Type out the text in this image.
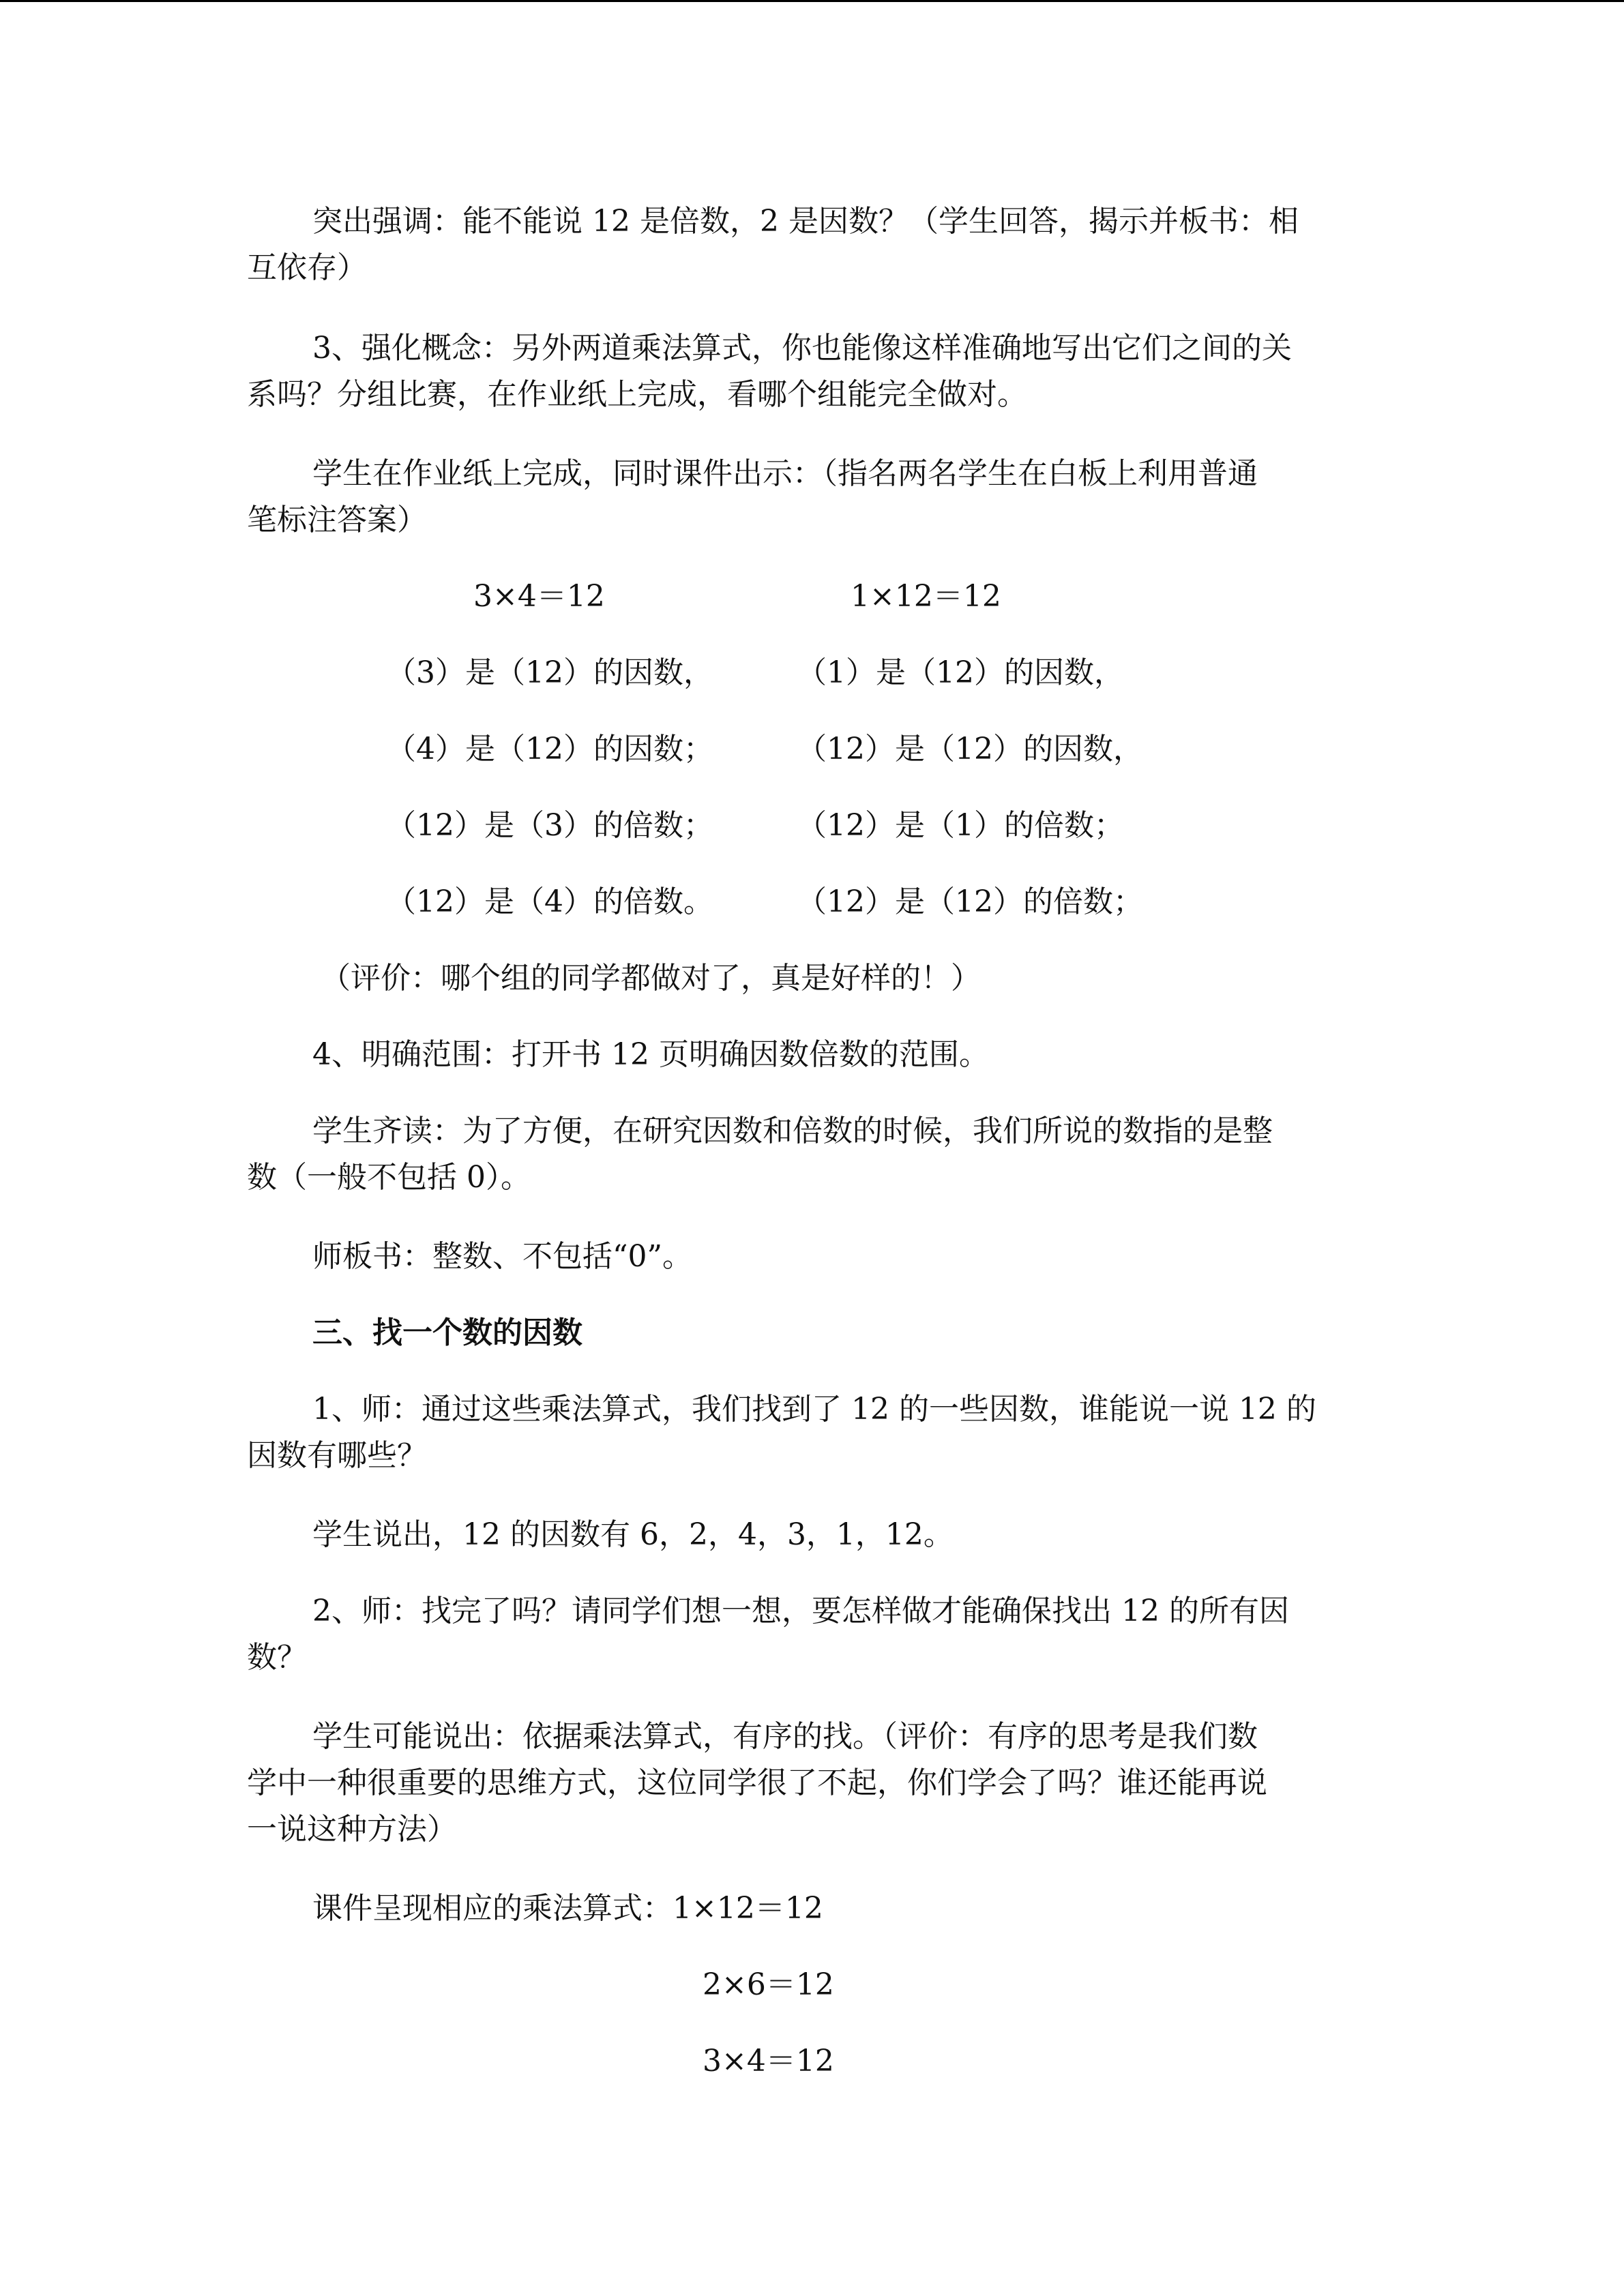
突出强调：能不能说 12 是倍数，2 是因数？（学生回答，揭示并板书：相
互依存）
3、强化概念：另外两道乘法算式，你也能像这样准确地写出它们之间的关
系吗？分组比赛，在作业纸上完成，看哪个组能完全做对。
学生在作业纸上完成，同时课件出示：（指名两名学生在白板上利用普通
笔标注答案）
3×4＝12	1×12＝12
（3）是（12）的因数，	（1）是（12）的因数，
（4）是（12）的因数；	（12）是（12）的因数，
（12）是（3）的倍数；	（12）是（1）的倍数；
（12）是（4）的倍数。	（12）是（12）的倍数；
（评价：哪个组的同学都做对了，真是好样的！）
4、明确范围：打开书 12 页明确因数倍数的范围。
学生齐读：为了方便，在研究因数和倍数的时候，我们所说的数指的是整
数（一般不包括 0）。
师板书：整数、不包括“0”。
三、找一个数的因数
1、师：通过这些乘法算式，我们找到了 12 的一些因数，谁能说一说 12 的
因数有哪些？
学生说出，12 的因数有 6，2，4，3，1，12。
2、师：找完了吗？请同学们想一想，要怎样做才能确保找出 12 的所有因
数？
学生可能说出：依据乘法算式，有序的找。（评价：有序的思考是我们数
学中一种很重要的思维方式，这位同学很了不起，你们学会了吗？谁还能再说
一说这种方法）
课件呈现相应的乘法算式：1×12＝12
2×6＝12
3×4＝12
